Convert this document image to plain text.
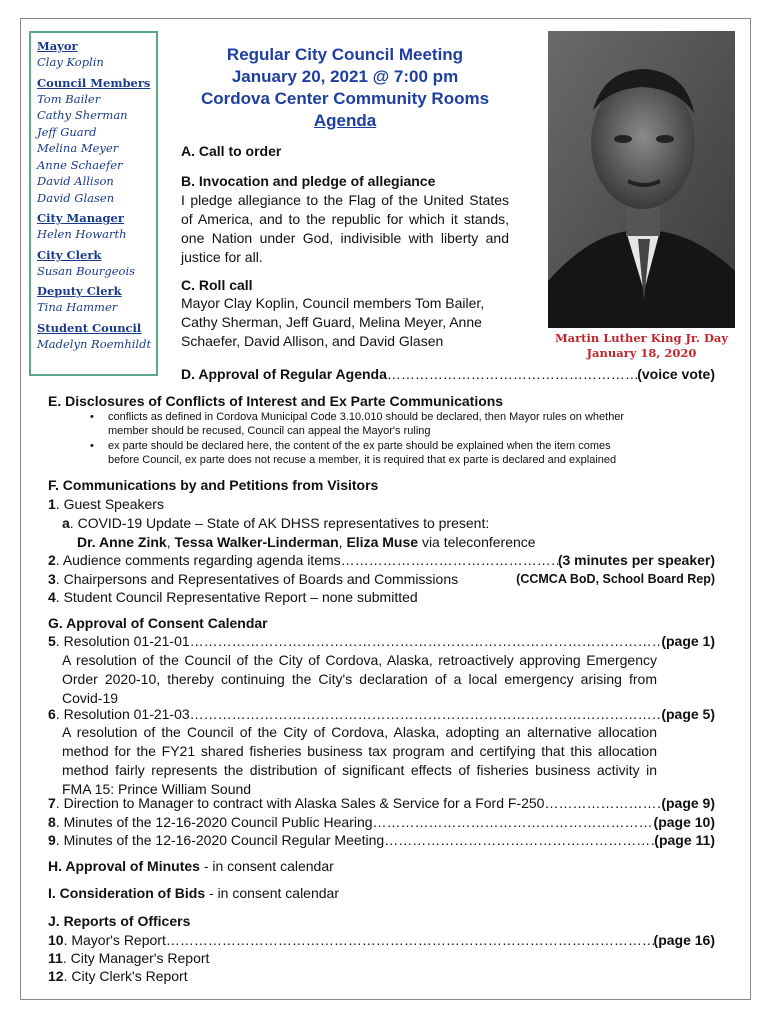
Mayor
Clay Koplin
Council Members
Tom Bailer
Cathy Sherman
Jeff Guard
Melina Meyer
Anne Schaefer
David Allison
David Glasen
City Manager
Helen Howarth
City Clerk
Susan Bourgeois
Deputy Clerk
Tina Hammer
Student Council
Madelyn Roemhildt
Regular City Council Meeting
January 20, 2021 @ 7:00 pm
Cordova Center Community Rooms
Agenda
Martin Luther King Jr. Day
January 18, 2020
A. Call to order
B. Invocation and pledge of allegiance
I pledge allegiance to the Flag of the United States of America, and to the republic for which it stands, one Nation under God, indivisible with liberty and justice for all.
C. Roll call
Mayor Clay Koplin, Council members Tom Bailer, Cathy Sherman, Jeff Guard, Melina Meyer, Anne Schaefer, David Allison, and David Glasen
D. Approval of Regular Agenda ……………………………………………………………………………………………………………………………………………………………………………	(voice vote)
E. Disclosures of Conflicts of Interest and Ex Parte Communications
• conflicts as defined in Cordova Municipal Code 3.10.010 should be declared, then Mayor rules on whether member should be recused, Council can appeal the Mayor's ruling
• ex parte should be declared here, the content of the ex parte should be explained when the item comes before Council, ex parte does not recuse a member, it is required that ex parte is declared and explained
F. Communications by and Petitions from Visitors
1. Guest Speakers
a. COVID-19 Update – State of AK DHSS representatives to present:
Dr. Anne Zink, Tessa Walker-Linderman, Eliza Muse via teleconference
2. Audience comments regarding agenda items ……………………………………………………………………………………………………………………………………………………………………………	(3 minutes per speaker)
3. Chairpersons and Representatives of Boards and Commissions	(CCMCA BoD, School Board Rep)
4. Student Council Representative Report – none submitted
G. Approval of Consent Calendar
5. Resolution 01-21-01 ……………………………………………………………………………………………………………………………………………………………………………	(page 1)
A resolution of the Council of the City of Cordova, Alaska, retroactively approving Emergency Order 2020-10, thereby continuing the City's declaration of a local emergency arising from Covid-19
6. Resolution 01-21-03 ……………………………………………………………………………………………………………………………………………………………………………	(page 5)
A resolution of the Council of the City of Cordova, Alaska, adopting an alternative allocation method for the FY21 shared fisheries business tax program and certifying that this allocation method fairly represents the distribution of significant effects of fisheries business activity in FMA 15: Prince William Sound
7. Direction to Manager to contract with Alaska Sales & Service for a Ford F-250 ……………………………………………………………………………………………………………………………………………………………………………	(page 9)
8. Minutes of the 12-16-2020 Council Public Hearing ……………………………………………………………………………………………………………………………………………………………………………	(page 10)
9. Minutes of the 12-16-2020 Council Regular Meeting ……………………………………………………………………………………………………………………………………………………………………………	(page 11)
H. Approval of Minutes - in consent calendar
I. Consideration of Bids - in consent calendar
J. Reports of Officers
10. Mayor's Report ……………………………………………………………………………………………………………………………………………………………………………	(page 16)
11. City Manager's Report
12. City Clerk's Report
